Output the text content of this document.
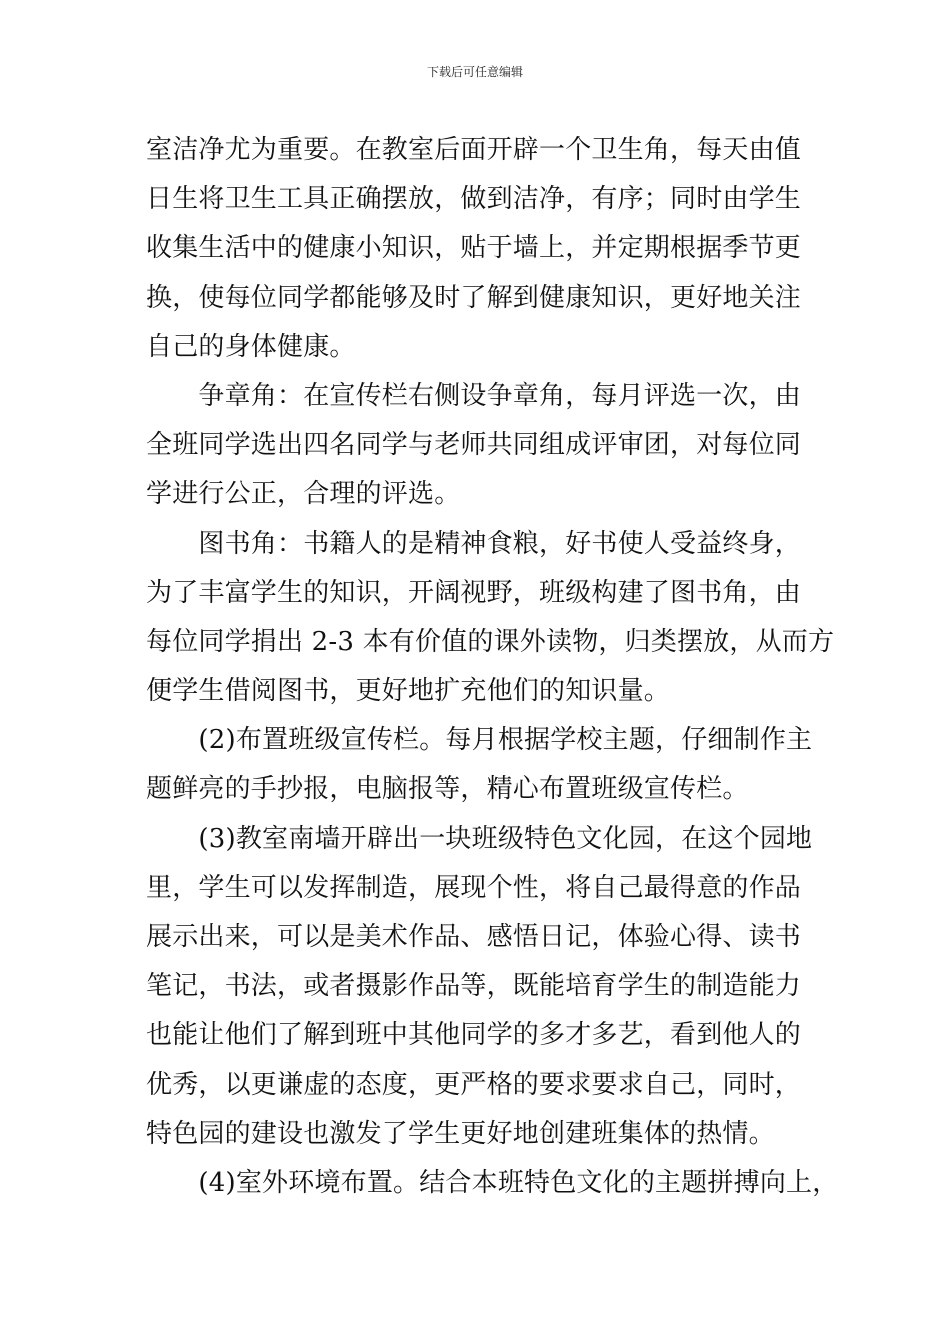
下载后可任意编辑
室洁净尤为重要。在教室后面开辟一个卫生角，每天由值
日生将卫生工具正确摆放，做到洁净，有序；同时由学生
收集生活中的健康小知识，贴于墙上，并定期根据季节更
换，使每位同学都能够及时了解到健康知识，更好地关注
自己的身体健康。
　　争章角：在宣传栏右侧设争章角，每月评选一次，由
全班同学选出四名同学与老师共同组成评审团，对每位同
学进行公正，合理的评选。
　　图书角：书籍人的是精神食粮，好书使人受益终身，
为了丰富学生的知识，开阔视野，班级构建了图书角，由
每位同学捐出 2-3 本有价值的课外读物，归类摆放，从而方
便学生借阅图书，更好地扩充他们的知识量。
　　(2)布置班级宣传栏。每月根据学校主题，仔细制作主
题鲜亮的手抄报，电脑报等，精心布置班级宣传栏。
　　(3)教室南墙开辟出一块班级特色文化园，在这个园地
里，学生可以发挥制造，展现个性，将自己最得意的作品
展示出来，可以是美术作品、感悟日记，体验心得、读书
笔记，书法，或者摄影作品等，既能培育学生的制造能力
也能让他们了解到班中其他同学的多才多艺，看到他人的
优秀，以更谦虚的态度，更严格的要求要求自己，同时，
特色园的建设也激发了学生更好地创建班集体的热情。
　　(4)室外环境布置。结合本班特色文化的主题拼搏向上，
